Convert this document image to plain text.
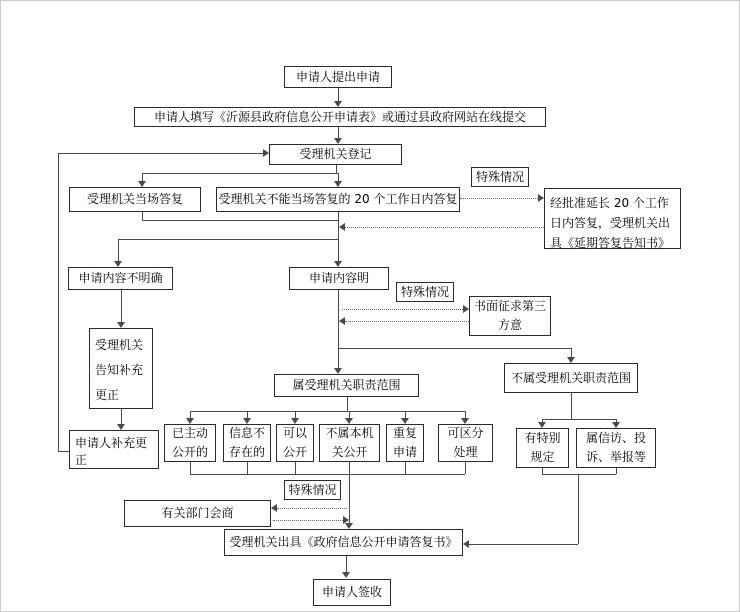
申请人提出申请
申请人填写《沂源县政府信息公开申请表》或通过县政府网站在线提交
受理机关登记
受理机关当场答复	受理机关不能当场答复的 20 个工作日内答复
特殊情况
经批准延长 20 个工作日内答复，受理机关出具《延期答复告知书》
申请内容不明确	申请内容明
特殊情况
书面征求第三方意
受理机关告知补充更正
申请人补充更正
属受理机关职责范围
不属受理机关职责范围
已主动公开的
信息不存在的
可以公开
不属本机关公开
重复申请
可区分处理
有特别规定
属信访、投诉、举报等
特殊情况
有关部门会商
受理机关出具《政府信息公开申请答复书》
申请人签收
